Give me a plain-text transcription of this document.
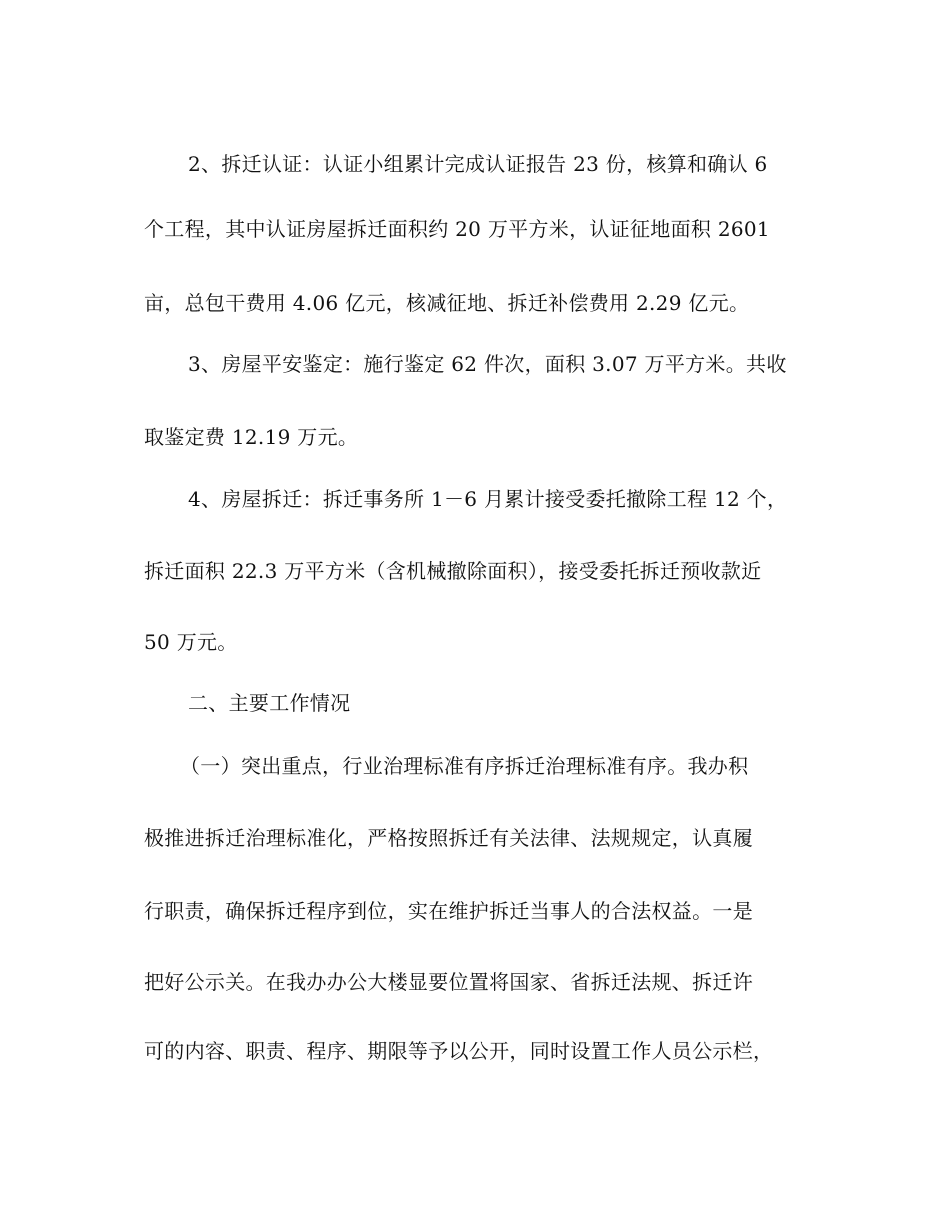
2、拆迁认证：认证小组累计完成认证报告 23 份，核算和确认 6
个工程，其中认证房屋拆迁面积约 20 万平方米，认证征地面积 2601
亩，总包干费用 4.06 亿元，核减征地、拆迁补偿费用 2.29 亿元。
3、房屋平安鉴定：施行鉴定 62 件次，面积 3.07 万平方米。共收
取鉴定费 12.19 万元。
4、房屋拆迁：拆迁事务所 1－6 月累计接受委托撤除工程 12 个，
拆迁面积 22.3 万平方米（含机械撤除面积），接受委托拆迁预收款近
50 万元。
二、主要工作情况
（一）突出重点，行业治理标准有序拆迁治理标准有序。我办积
极推进拆迁治理标准化，严格按照拆迁有关法律、法规规定，认真履
行职责，确保拆迁程序到位，实在维护拆迁当事人的合法权益。一是
把好公示关。在我办办公大楼显要位置将国家、省拆迁法规、拆迁许
可的内容、职责、程序、期限等予以公开，同时设置工作人员公示栏，
